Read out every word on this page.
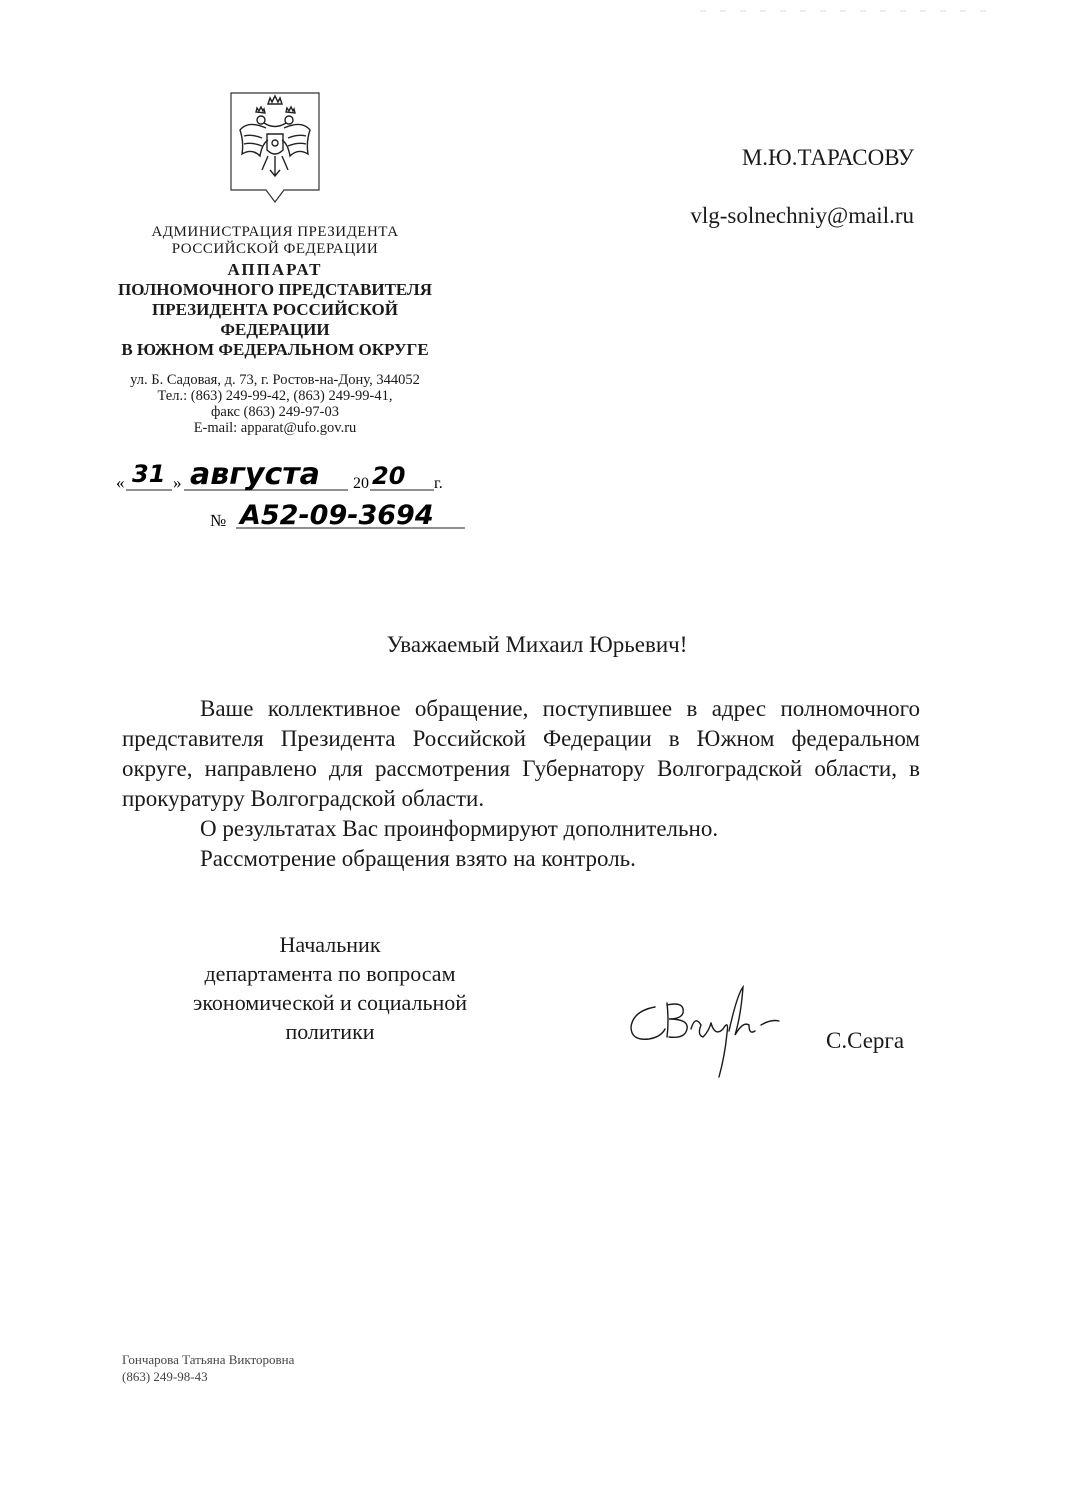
АДМИНИСТРАЦИЯ ПРЕЗИДЕНТА
РОССИЙСКОЙ ФЕДЕРАЦИИ
АППАРАТ
ПОЛНОМОЧНОГО ПРЕДСТАВИТЕЛЯ
ПРЕЗИДЕНТА РОССИЙСКОЙ ФЕДЕРАЦИИ
В ЮЖНОМ ФЕДЕРАЛЬНОМ ОКРУГЕ
ул. Б. Садовая, д. 73, г. Ростов-на-Дону, 344052
Тел.: (863) 249-99-42, (863) 249-99-41,
факс (863) 249-97-03
E-mail: apparat@ufo.gov.ru
« 31 » августа 20 20 г.
№ А52-09-3694
М.Ю.ТАРАСОВУ
vlg-solnechniy@mail.ru
Уважаемый Михаил Юрьевич!

Ваше коллективное обращение, поступившее в адрес полномочного представителя Президента Российской Федерации в Южном федеральном округе, направлено для рассмотрения Губернатору Волгоградской области, в прокуратуру Волгоградской области.

О результатах Вас проинформируют дополнительно.

Рассмотрение обращения взято на контроль.

Начальник
департамента по вопросам
экономической и социальной
политики	С.Серга
Гончарова Татьяна Викторовна
(863) 249-98-43
